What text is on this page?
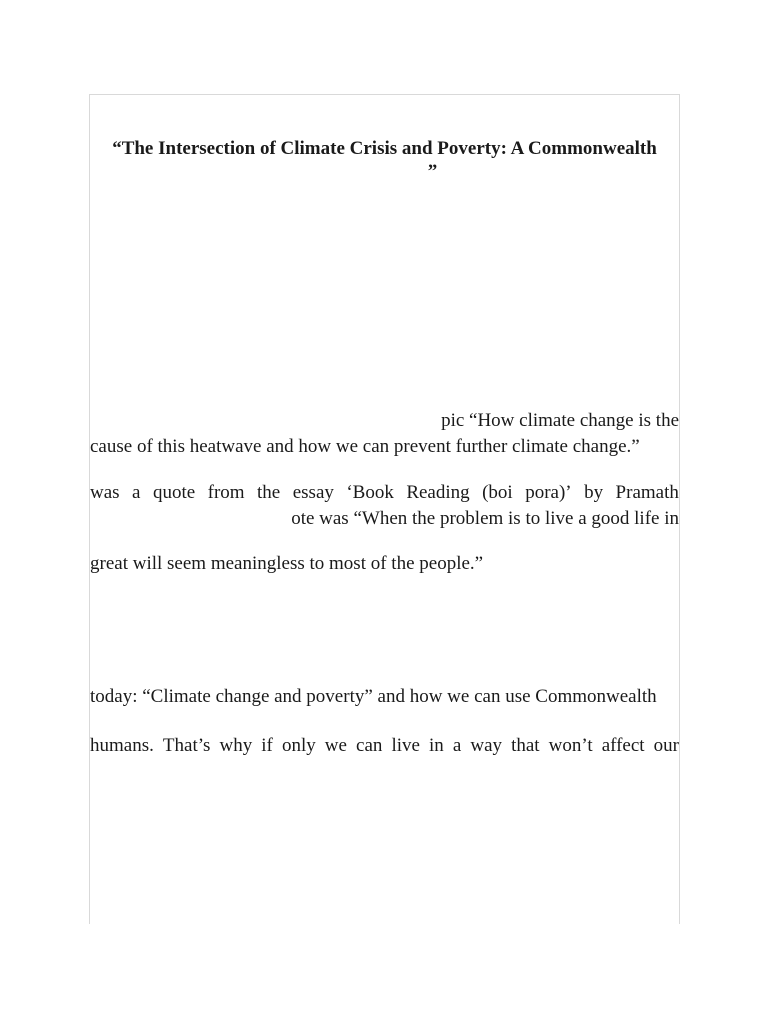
“The Intersection of Climate Crisis and Poverty: A Commonwealth
”
pic “How climate change is the
cause of this heatwave and how we can prevent further climate change.”
was a quote from the essay ‘Book Reading (boi pora)’ by Pramath
ote was “When the problem is to live a good life in
great will seem meaningless to most of the people.”
today: “Climate change and poverty” and how we can use Commonwealth
humans. That’s why if only we can live in a way that won’t affect our
